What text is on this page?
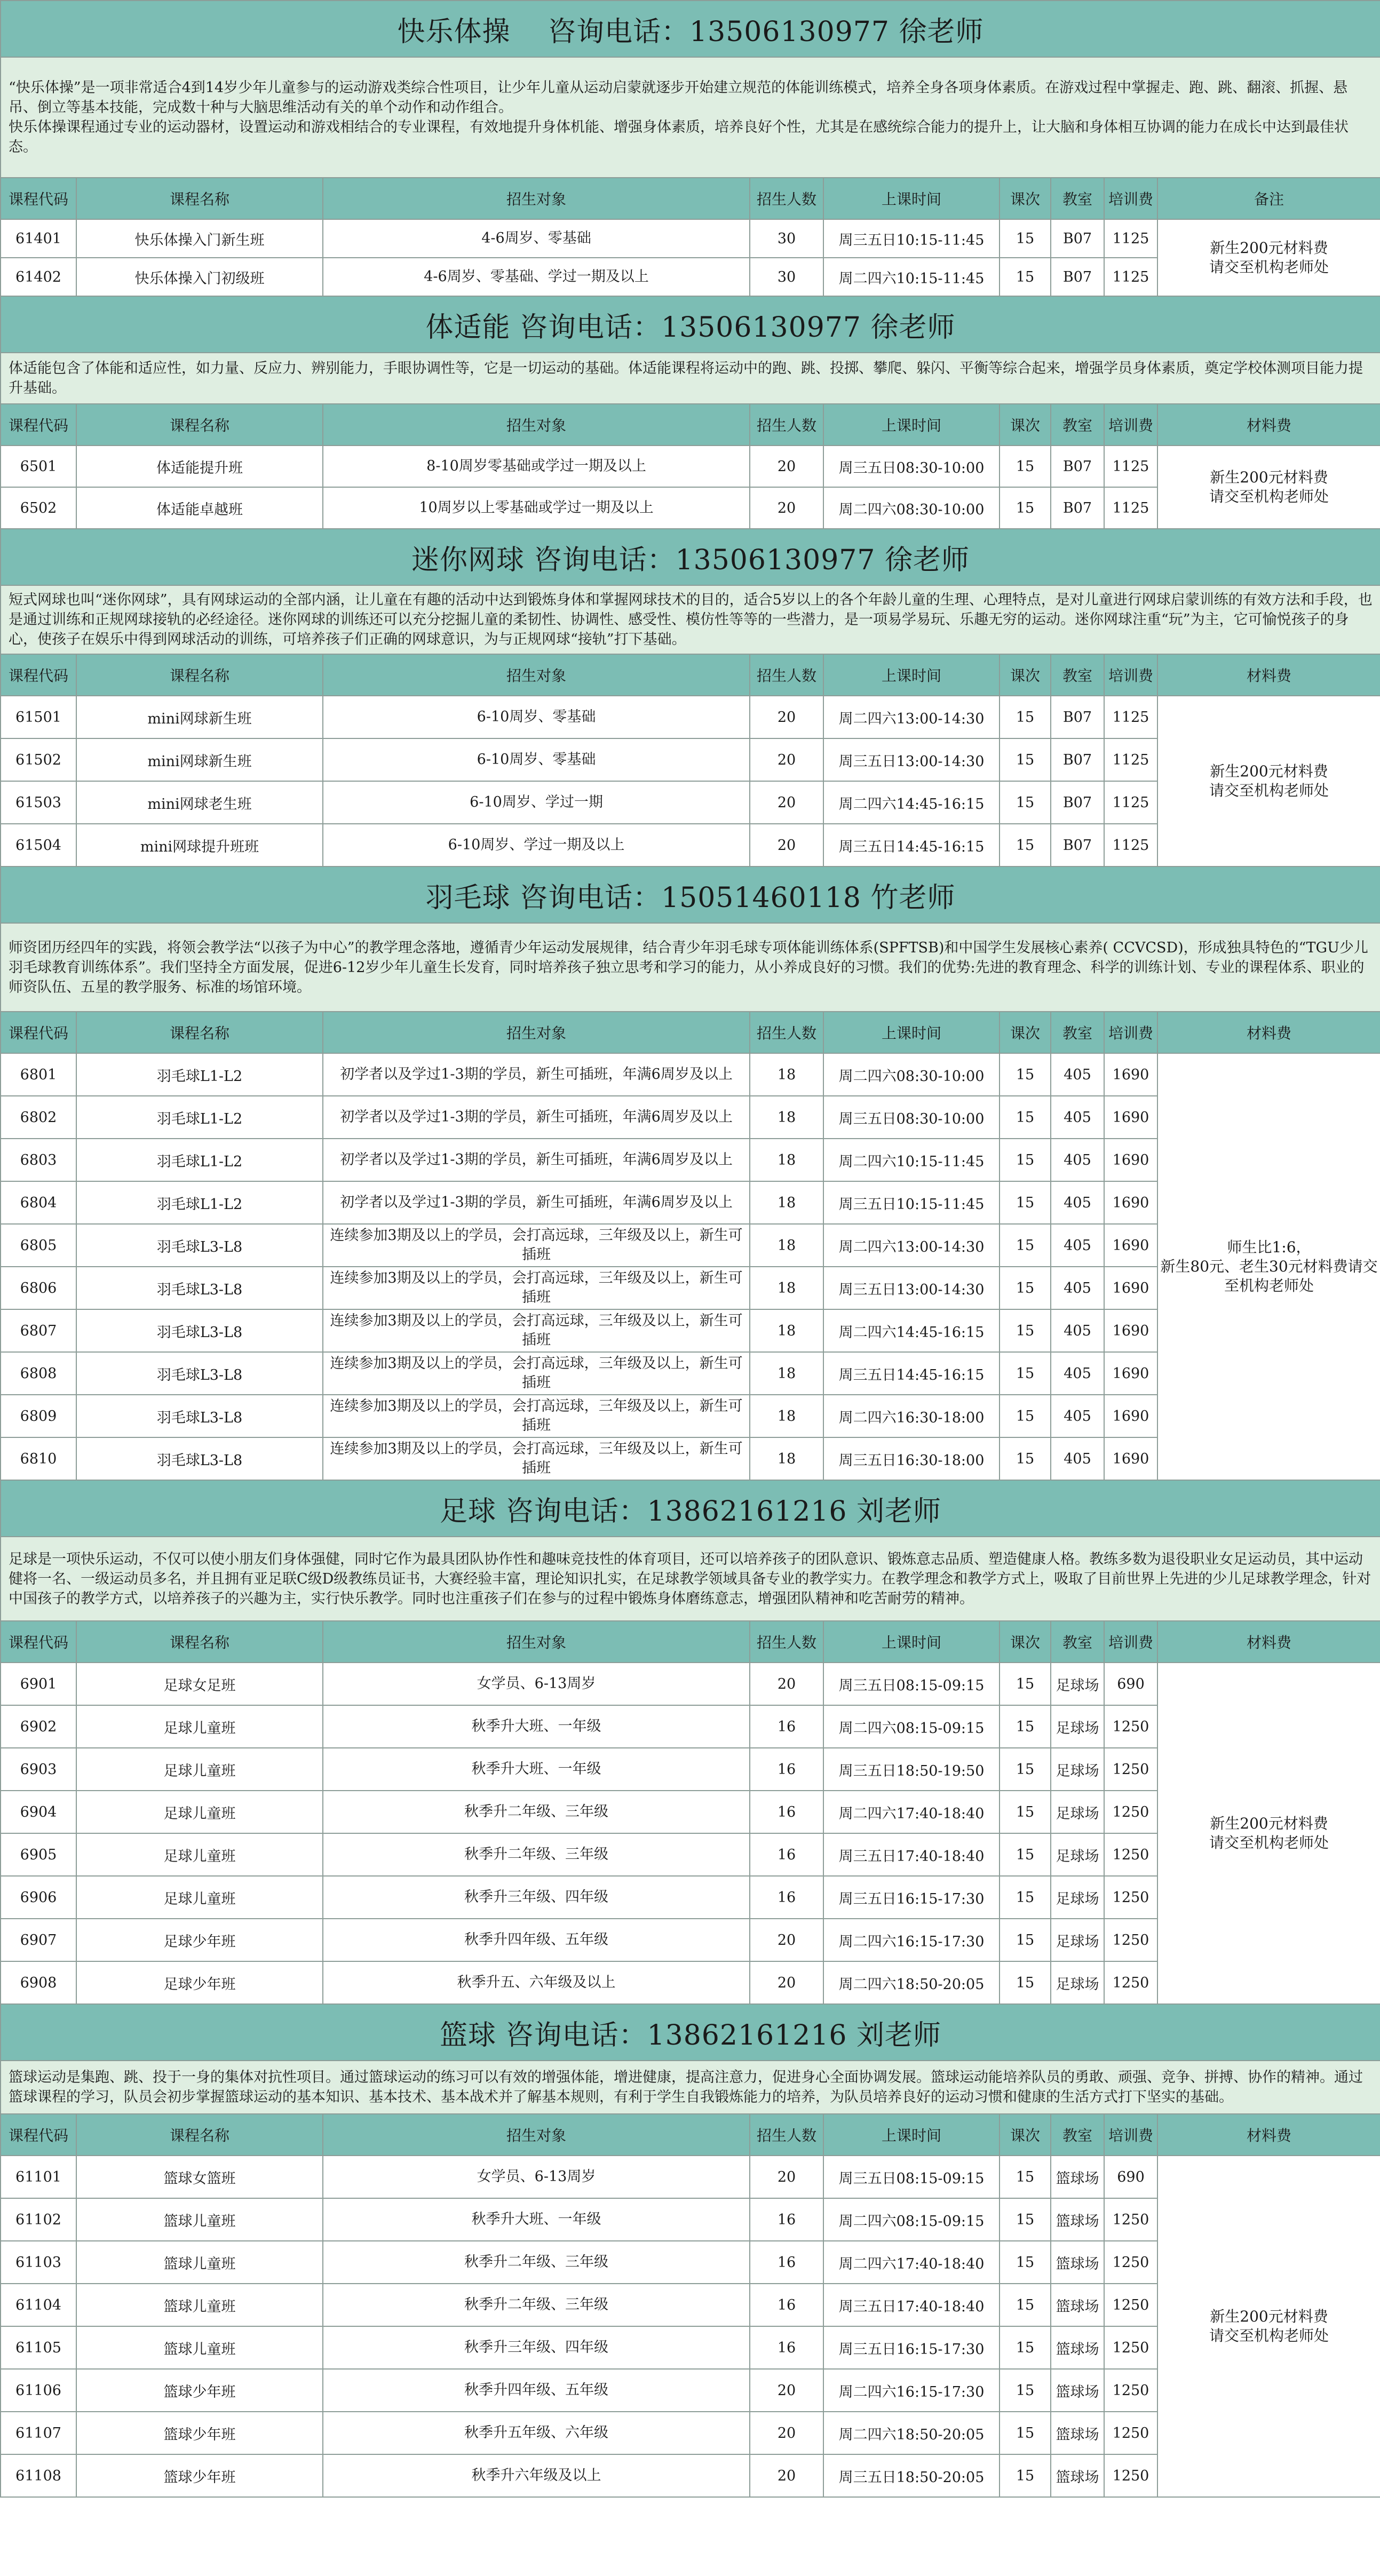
快乐体操　 咨询电话：13506130977 徐老师								
“快乐体操”是一项非常适合4到14岁少年儿童参与的运动游戏类综合性项目，让少年儿童从运动启蒙就逐步开始建立规范的体能训练模式，培养全身各项身体素质。在游戏过程中掌握走、跑、跳、翻滚、抓握、悬吊、倒立等基本技能，完成数十种与大脑思维活动有关的单个动作和动作组合。
快乐体操课程通过专业的运动器材，设置运动和游戏相结合的专业课程，有效地提升身体机能、增强身体素质，培养良好个性，尤其是在感统综合能力的提升上，让大脑和身体相互协调的能力在成长中达到最佳状态。								
课程代码	课程名称	招生对象	招生人数	上课时间	课次	教室	培训费	备注
61401	快乐体操入门新生班	4-6周岁、零基础	30	周三五日10:15-11:45	15	B07	1125	新生200元材料费
请交至机构老师处
61402	快乐体操入门初级班	4-6周岁、零基础、学过一期及以上	30	周二四六10:15-11:45	15	B07	1125	
体适能 咨询电话：13506130977 徐老师								
体适能包含了体能和适应性，如力量、反应力、辨别能力，手眼协调性等，它是一切运动的基础。体适能课程将运动中的跑、跳、投掷、攀爬、躲闪、平衡等综合起来，增强学员身体素质，奠定学校体测项目能力提升基础。								
课程代码	课程名称	招生对象	招生人数	上课时间	课次	教室	培训费	材料费
6501	体适能提升班	8-10周岁零基础或学过一期及以上	20	周三五日08:30-10:00	15	B07	1125	新生200元材料费
请交至机构老师处
6502	体适能卓越班	10周岁以上零基础或学过一期及以上	20	周二四六08:30-10:00	15	B07	1125	
迷你网球 咨询电话：13506130977 徐老师								
短式网球也叫“迷你网球”，具有网球运动的全部内涵，让儿童在有趣的活动中达到锻炼身体和掌握网球技术的目的，适合5岁以上的各个年龄儿童的生理、心理特点，是对儿童进行网球启蒙训练的有效方法和手段，也是通过训练和正规网球接轨的必经途径。迷你网球的训练还可以充分挖掘儿童的柔韧性、协调性、感受性、模仿性等等的一些潜力，是一项易学易玩、乐趣无穷的运动。迷你网球注重“玩”为主，它可愉悦孩子的身心，使孩子在娱乐中得到网球活动的训练，可培养孩子们正确的网球意识，为与正规网球“接轨”打下基础。								
课程代码	课程名称	招生对象	招生人数	上课时间	课次	教室	培训费	材料费
61501	mini网球新生班	6-10周岁、零基础	20	周二四六13:00-14:30	15	B07	1125	新生200元材料费
请交至机构老师处
61502	mini网球新生班	6-10周岁、零基础	20	周三五日13:00-14:30	15	B07	1125	
61503	mini网球老生班	6-10周岁、学过一期	20	周二四六14:45-16:15	15	B07	1125	
61504	mini网球提升班班	6-10周岁、学过一期及以上	20	周三五日14:45-16:15	15	B07	1125	
羽毛球 咨询电话：15051460118 竹老师								
师资团历经四年的实践，将领会教学法“以孩子为中心”的教学理念落地，遵循青少年运动发展规律，结合青少年羽毛球专项体能训练体系(SPFTSB)和中国学生发展核心素养( CCVCSD)，形成独具特色的“TGU少儿羽毛球教育训练体系”。我们坚持全方面发展，促进6-12岁少年儿童生长发育，同时培养孩子独立思考和学习的能力，从小养成良好的习惯。我们的优势:先进的教育理念、科学的训练计划、专业的课程体系、职业的师资队伍、五星的教学服务、标准的场馆环境。								
课程代码	课程名称	招生对象	招生人数	上课时间	课次	教室	培训费	材料费
6801	羽毛球L1-L2	初学者以及学过1-3期的学员，新生可插班，年满6周岁及以上	18	周二四六08:30-10:00	15	405	1690	师生比1:6，
新生80元、老生30元材料费请交至机构老师处
6802	羽毛球L1-L2	初学者以及学过1-3期的学员，新生可插班，年满6周岁及以上	18	周三五日08:30-10:00	15	405	1690	
6803	羽毛球L1-L2	初学者以及学过1-3期的学员，新生可插班，年满6周岁及以上	18	周二四六10:15-11:45	15	405	1690	
6804	羽毛球L1-L2	初学者以及学过1-3期的学员，新生可插班，年满6周岁及以上	18	周三五日10:15-11:45	15	405	1690	
6805	羽毛球L3-L8	连续参加3期及以上的学员，会打高远球，三年级及以上，新生可插班	18	周二四六13:00-14:30	15	405	1690	
6806	羽毛球L3-L8	连续参加3期及以上的学员，会打高远球，三年级及以上，新生可插班	18	周三五日13:00-14:30	15	405	1690	
6807	羽毛球L3-L8	连续参加3期及以上的学员，会打高远球，三年级及以上，新生可插班	18	周二四六14:45-16:15	15	405	1690	
6808	羽毛球L3-L8	连续参加3期及以上的学员，会打高远球，三年级及以上，新生可插班	18	周三五日14:45-16:15	15	405	1690	
6809	羽毛球L3-L8	连续参加3期及以上的学员，会打高远球，三年级及以上，新生可插班	18	周二四六16:30-18:00	15	405	1690	
6810	羽毛球L3-L8	连续参加3期及以上的学员，会打高远球，三年级及以上，新生可插班	18	周三五日16:30-18:00	15	405	1690	
足球 咨询电话：13862161216 刘老师								
足球是一项快乐运动，不仅可以使小朋友们身体强健，同时它作为最具团队协作性和趣味竞技性的体育项目，还可以培养孩子的团队意识、锻炼意志品质、塑造健康人格。教练多数为退役职业女足运动员，其中运动健将一名、一级运动员多名，并且拥有亚足联C级D级教练员证书，大赛经验丰富，理论知识扎实，在足球教学领域具备专业的教学实力。在教学理念和教学方式上，吸取了目前世界上先进的少儿足球教学理念，针对中国孩子的教学方式，以培养孩子的兴趣为主，实行快乐教学。同时也注重孩子们在参与的过程中锻炼身体磨练意志，增强团队精神和吃苦耐劳的精神。								
课程代码	课程名称	招生对象	招生人数	上课时间	课次	教室	培训费	材料费
6901	足球女足班	女学员、6-13周岁	20	周三五日08:15-09:15	15	足球场	690	新生200元材料费
请交至机构老师处
6902	足球儿童班	秋季升大班、一年级	16	周二四六08:15-09:15	15	足球场	1250	
6903	足球儿童班	秋季升大班、一年级	16	周三五日18:50-19:50	15	足球场	1250	
6904	足球儿童班	秋季升二年级、三年级	16	周二四六17:40-18:40	15	足球场	1250	
6905	足球儿童班	秋季升二年级、三年级	16	周三五日17:40-18:40	15	足球场	1250	
6906	足球儿童班	秋季升三年级、四年级	16	周三五日16:15-17:30	15	足球场	1250	
6907	足球少年班	秋季升四年级、五年级	20	周二四六16:15-17:30	15	足球场	1250	
6908	足球少年班	秋季升五、六年级及以上	20	周二四六18:50-20:05	15	足球场	1250	
篮球 咨询电话：13862161216 刘老师								
篮球运动是集跑、跳、投于一身的集体对抗性项目。通过篮球运动的练习可以有效的增强体能，增进健康，提高注意力，促进身心全面协调发展。篮球运动能培养队员的勇敢、顽强、竞争、拼搏、协作的精神。通过篮球课程的学习，队员会初步掌握篮球运动的基本知识、基本技术、基本战术并了解基本规则，有利于学生自我锻炼能力的培养，为队员培养良好的运动习惯和健康的生活方式打下坚实的基础。								
课程代码	课程名称	招生对象	招生人数	上课时间	课次	教室	培训费	材料费
61101	篮球女篮班	女学员、6-13周岁	20	周三五日08:15-09:15	15	篮球场	690	新生200元材料费
请交至机构老师处
61102	篮球儿童班	秋季升大班、一年级	16	周二四六08:15-09:15	15	篮球场	1250	
61103	篮球儿童班	秋季升二年级、三年级	16	周二四六17:40-18:40	15	篮球场	1250	
61104	篮球儿童班	秋季升二年级、三年级	16	周三五日17:40-18:40	15	篮球场	1250	
61105	篮球儿童班	秋季升三年级、四年级	16	周三五日16:15-17:30	15	篮球场	1250	
61106	篮球少年班	秋季升四年级、五年级	20	周二四六16:15-17:30	15	篮球场	1250	
61107	篮球少年班	秋季升五年级、六年级	20	周二四六18:50-20:05	15	篮球场	1250	
61108	篮球少年班	秋季升六年级及以上	20	周三五日18:50-20:05	15	篮球场	1250	
